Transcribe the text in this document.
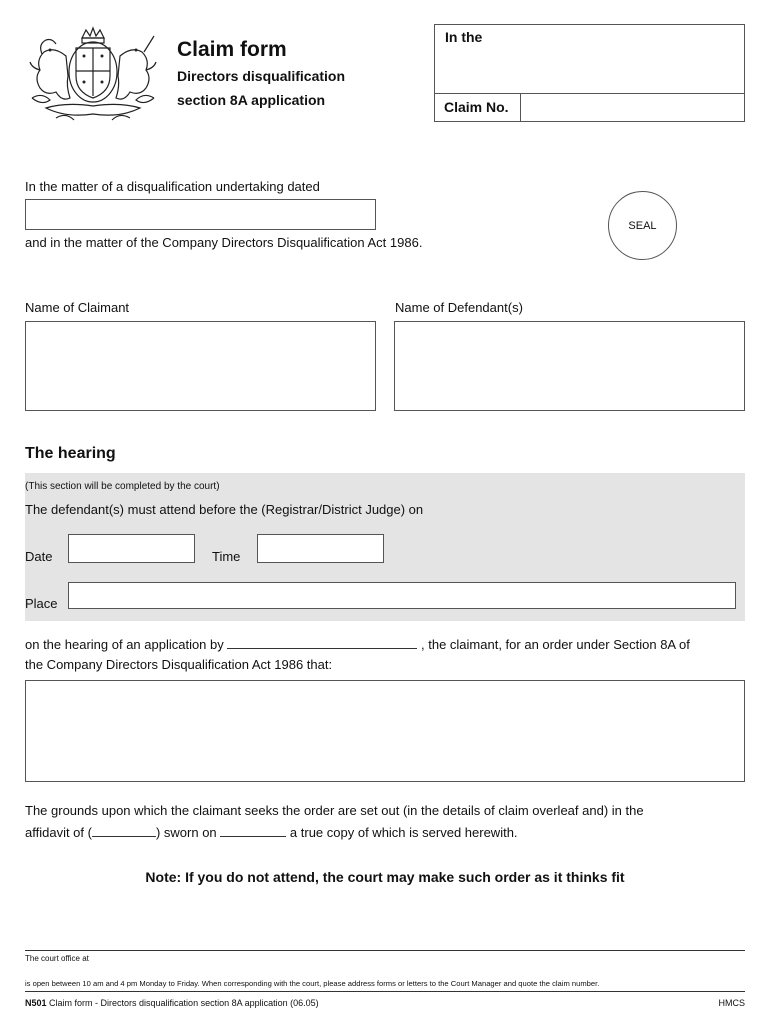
Claim form
Directors disqualification
section 8A application
In the
Claim No.
In the matter of a disqualification undertaking dated
and in the matter of the Company Directors Disqualification Act 1986.
SEAL
Name of Claimant	Name of Defendant(s)
The hearing
(This section will be completed by the court)
The defendant(s) must attend before the (Registrar/District Judge) on
Date	Time
Place
on the hearing of an application by	, the claimant, for an order under Section 8A of
the Company Directors Disqualification Act 1986 that:
The grounds upon which the claimant seeks the order are set out (in the details of claim overleaf and) in the
affidavit of (	) sworn on	a true copy of which is served herewith.
Note: If you do not attend, the court may make such order as it thinks fit
The court office at
is open between 10 am and 4 pm Monday to Friday. When corresponding with the court, please address forms or letters to the Court Manager and quote the claim number.
N501 Claim form - Directors disqualification section 8A application (06.05)	HMCS
